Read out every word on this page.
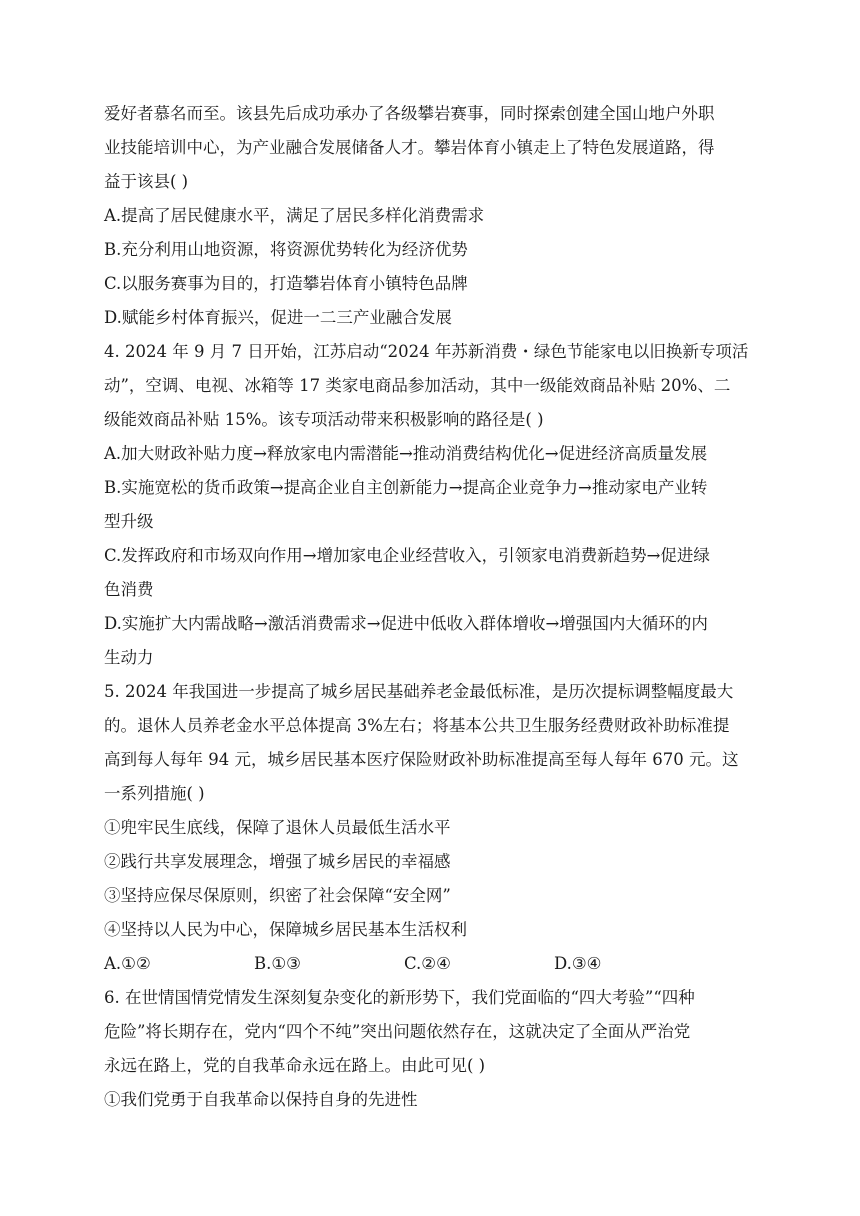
爱好者慕名而至。该县先后成功承办了各级攀岩赛事，同时探索创建全国山地户外职
业技能培训中心，为产业融合发展储备人才。攀岩体育小镇走上了特色发展道路，得
益于该县( )
A.提高了居民健康水平，满足了居民多样化消费需求
B.充分利用山地资源，将资源优势转化为经济优势
C.以服务赛事为目的，打造攀岩体育小镇特色品牌
D.赋能乡村体育振兴，促进一二三产业融合发展
4. 2024 年 9 月 7 日开始，江苏启动“2024 年苏新消费・绿色节能家电以旧换新专项活
动”，空调、电视、冰箱等 17 类家电商品参加活动，其中一级能效商品补贴 20%、二
级能效商品补贴 15%。该专项活动带来积极影响的路径是( )
A.加大财政补贴力度→释放家电内需潜能→推动消费结构优化→促进经济高质量发展
B.实施宽松的货币政策→提高企业自主创新能力→提高企业竞争力→推动家电产业转
型升级
C.发挥政府和市场双向作用→增加家电企业经营收入，引领家电消费新趋势→促进绿
色消费
D.实施扩大内需战略→激活消费需求→促进中低收入群体增收→增强国内大循环的内
生动力
5. 2024 年我国进一步提高了城乡居民基础养老金最低标准，是历次提标调整幅度最大
的。退休人员养老金水平总体提高 3%左右；将基本公共卫生服务经费财政补助标准提
高到每人每年 94 元，城乡居民基本医疗保险财政补助标准提高至每人每年 670 元。这
一系列措施( )
①兜牢民生底线，保障了退休人员最低生活水平
②践行共享发展理念，增强了城乡居民的幸福感
③坚持应保尽保原则，织密了社会保障“安全网”
④坚持以人民为中心，保障城乡居民基本生活权利
A.①②	B.①③	C.②④	D.③④
6. 在世情国情党情发生深刻复杂变化的新形势下，我们党面临的“四大考验”“四种
危险”将长期存在，党内“四个不纯”突出问题依然存在，这就决定了全面从严治党
永远在路上，党的自我革命永远在路上。由此可见( )
①我们党勇于自我革命以保持自身的先进性
